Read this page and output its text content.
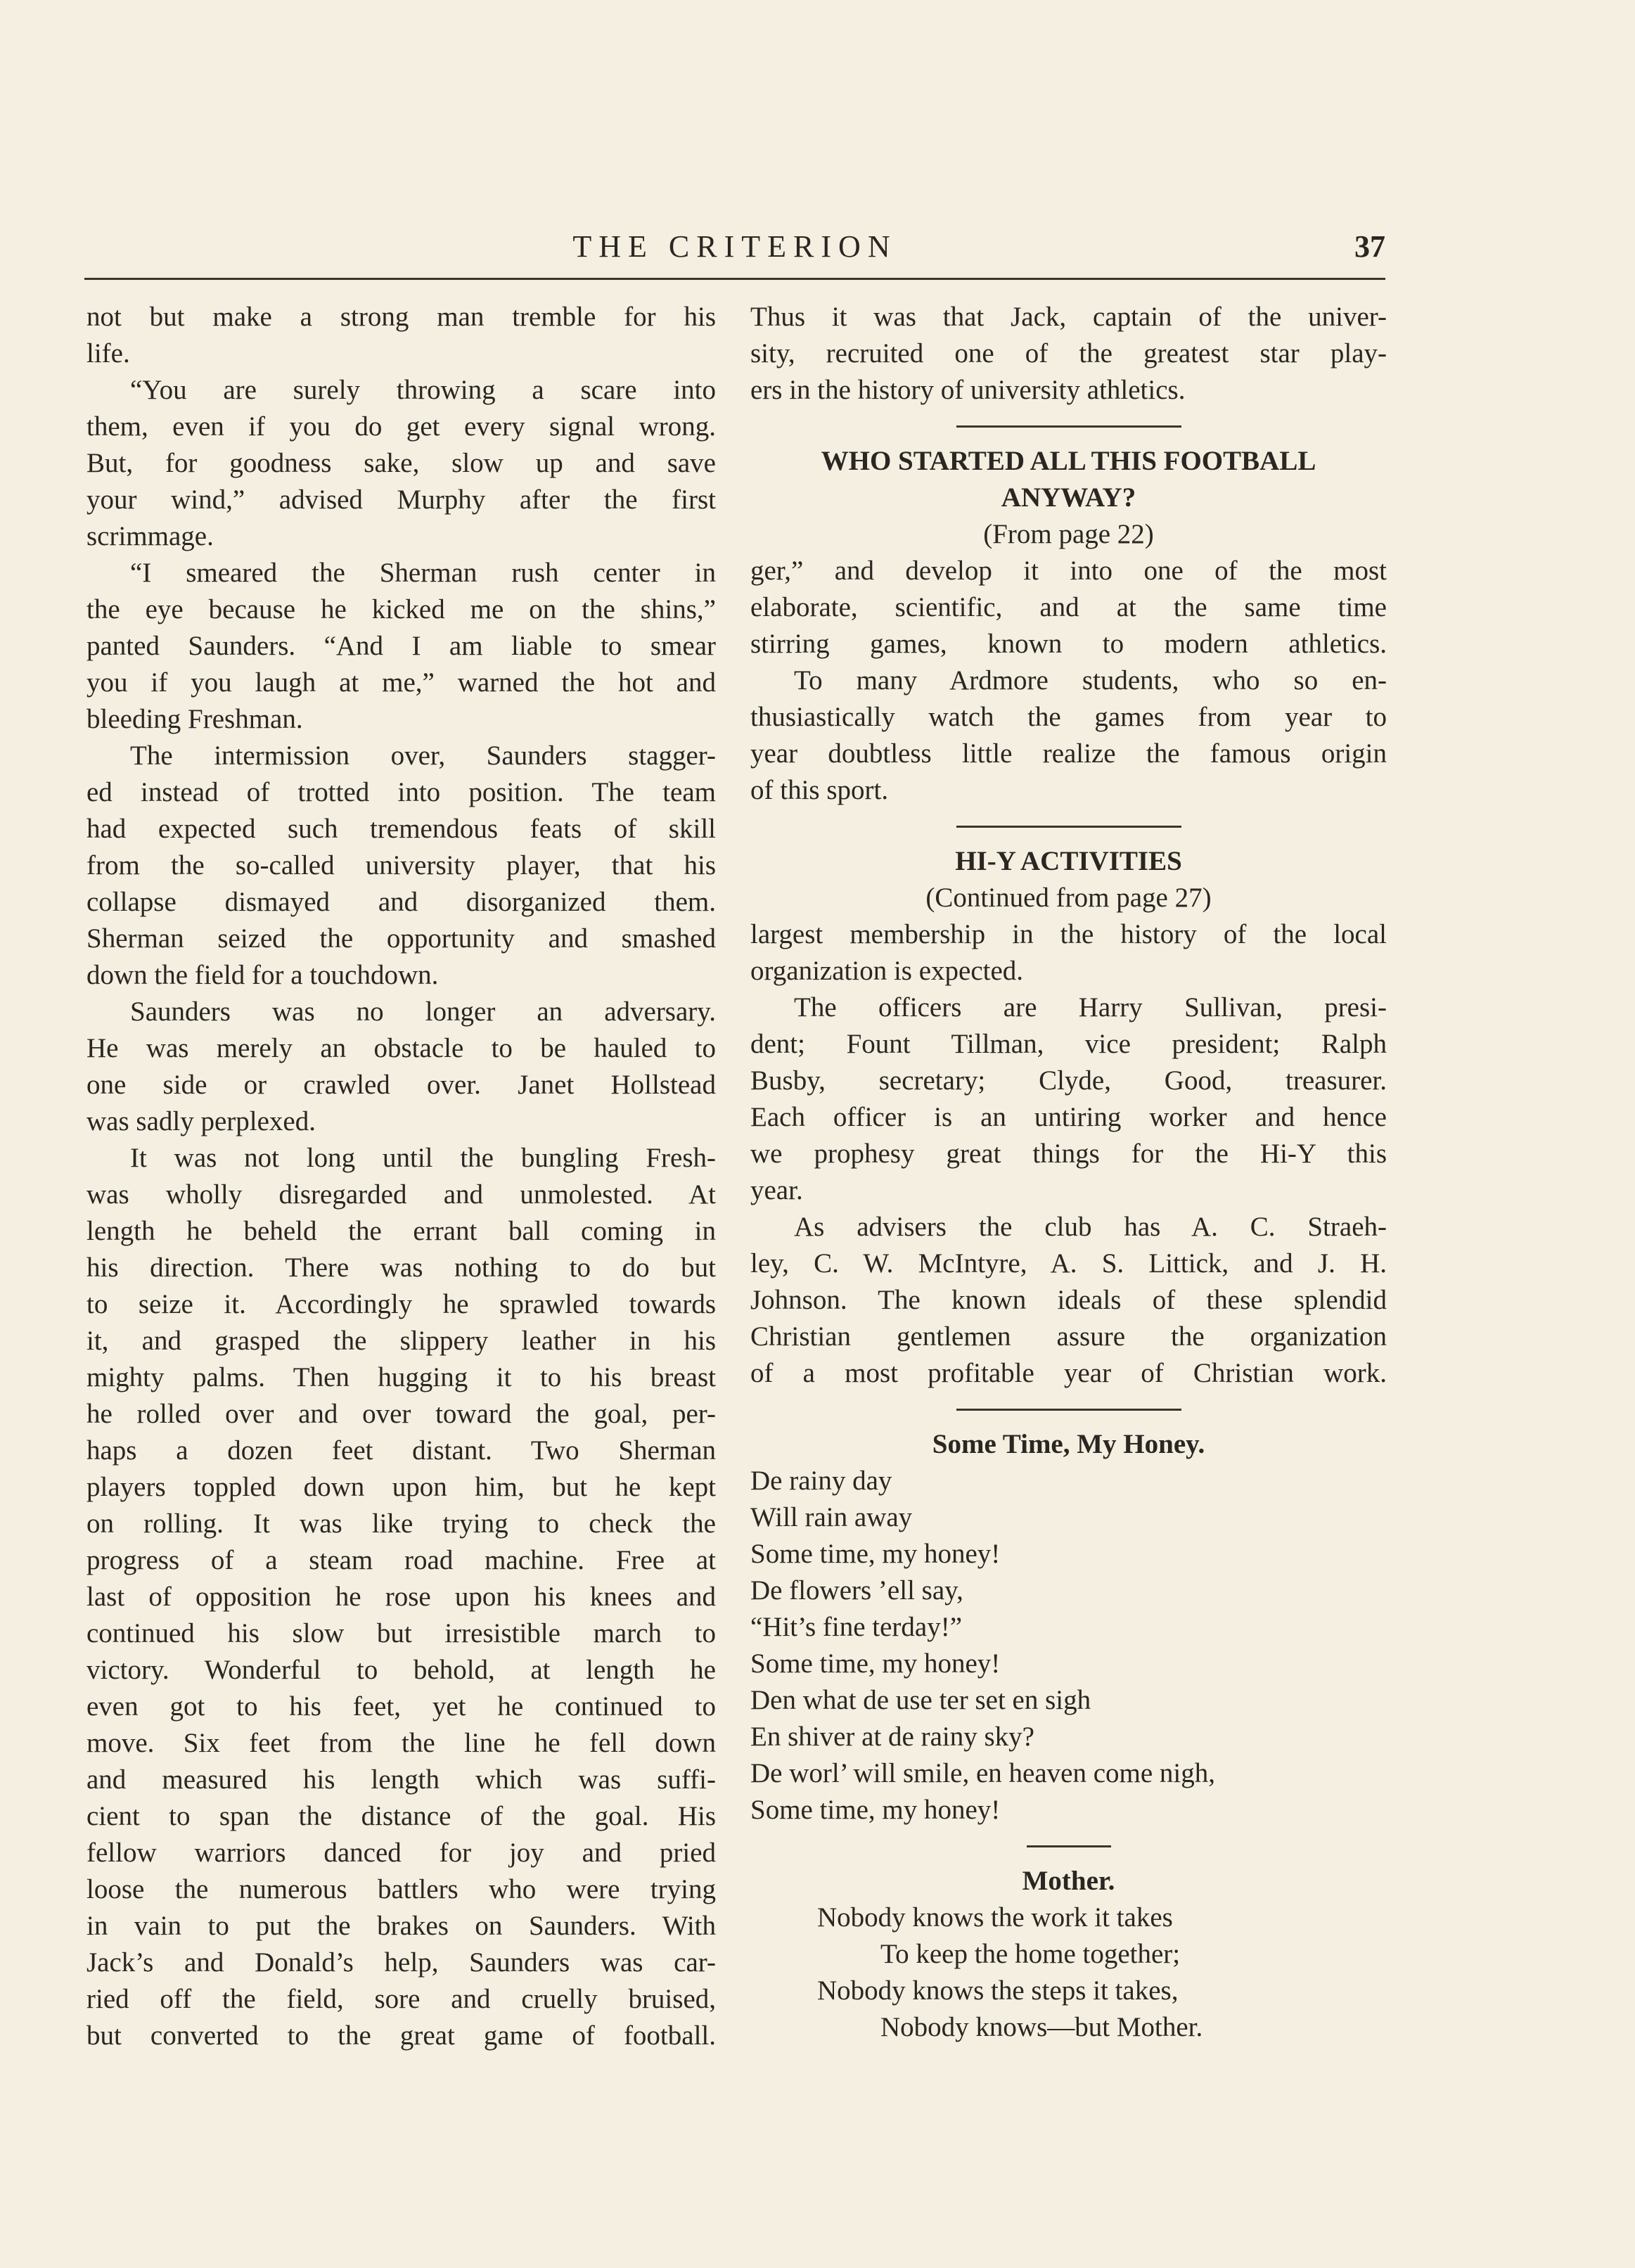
THE CRITERION	37
not but make a strong man tremble for his
life.
“You are surely throwing a scare into
them, even if you do get every signal wrong.
But, for goodness sake, slow up and save
your wind,” advised Murphy after the first
scrimmage.
“I smeared the Sherman rush center in
the eye because he kicked me on the shins,”
panted Saunders. “And I am liable to smear
you if you laugh at me,” warned the hot and
bleeding Freshman.
The intermission over, Saunders stagger-
ed instead of trotted into position. The team
had expected such tremendous feats of skill
from the so-called university player, that his
collapse dismayed and disorganized them.
Sherman seized the opportunity and smashed
down the field for a touchdown.
Saunders was no longer an adversary.
He was merely an obstacle to be hauled to
one side or crawled over. Janet Hollstead
was sadly perplexed.
It was not long until the bungling Fresh-
was wholly disregarded and unmolested. At
length he beheld the errant ball coming in
his direction. There was nothing to do but
to seize it. Accordingly he sprawled towards
it, and grasped the slippery leather in his
mighty palms. Then hugging it to his breast
he rolled over and over toward the goal, per-
haps a dozen feet distant. Two Sherman
players toppled down upon him, but he kept
on rolling. It was like trying to check the
progress of a steam road machine. Free at
last of opposition he rose upon his knees and
continued his slow but irresistible march to
victory. Wonderful to behold, at length he
even got to his feet, yet he continued to
move. Six feet from the line he fell down
and measured his length which was suffi-
cient to span the distance of the goal. His
fellow warriors danced for joy and pried
loose the numerous battlers who were trying
in vain to put the brakes on Saunders. With
Jack’s and Donald’s help, Saunders was car-
ried off the field, sore and cruelly bruised,
but converted to the great game of football.
Thus it was that Jack, captain of the univer-
sity, recruited one of the greatest star play-
ers in the history of university athletics.
WHO STARTED ALL THIS FOOTBALL
ANYWAY?
(From page 22)
ger,” and develop it into one of the most
elaborate, scientific, and at the same time
stirring games, known to modern athletics.
To many Ardmore students, who so en-
thusiastically watch the games from year to
year doubtless little realize the famous origin
of this sport.
HI-Y ACTIVITIES
(Continued from page 27)
largest membership in the history of the local
organization is expected.
The officers are Harry Sullivan, presi-
dent; Fount Tillman, vice president; Ralph
Busby, secretary; Clyde, Good, treasurer.
Each officer is an untiring worker and hence
we prophesy great things for the Hi-Y this
year.
As advisers the club has A. C. Straeh-
ley, C. W. McIntyre, A. S. Littick, and J. H.
Johnson. The known ideals of these splendid
Christian gentlemen assure the organization
of a most profitable year of Christian work.
Some Time, My Honey.
De rainy day
Will rain away
Some time, my honey!
De flowers ’ell say,
“Hit’s fine terday!”
Some time, my honey!
Den what de use ter set en sigh
En shiver at de rainy sky?
De worl’ will smile, en heaven come nigh,
Some time, my honey!
Mother.
Nobody knows the work it takes
To keep the home together;
Nobody knows the steps it takes,
Nobody knows—but Mother.
